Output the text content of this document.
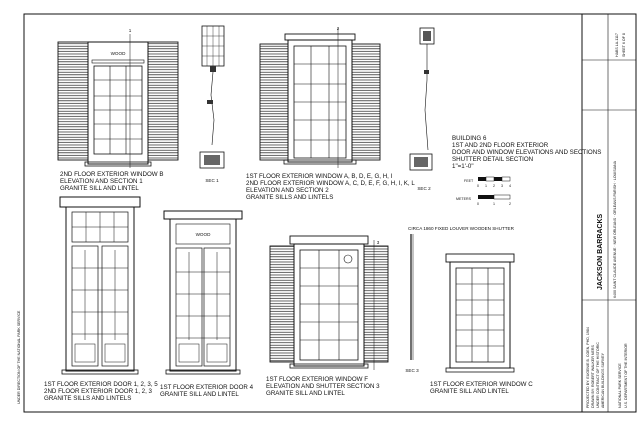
UNDER DIRECTION OF THE NATIONAL PARK SERVICE
WOOD
1
2ND FLOOR EXTERIOR WINDOW B
ELEVATION AND SECTION 1
GRANITE SILL AND LINTEL
SEC 1
2
1ST FLOOR EXTERIOR WINDOW A, B, D, E, G, H, I
2ND FLOOR EXTERIOR WINDOW A, C, D, E, F, G, H, I, K, L
ELEVATION AND SECTION 2
GRANITE SILLS AND LINTELS
SEC 2
BUILDING 6
1ST AND 2ND FLOOR EXTERIOR
DOOR AND WINDOW ELEVATIONS AND SECTIONS
SHUTTER DETAIL SECTION
1"=1'-0"
FEET
0 1 2 3 4
METERS
0	1	2
1ST FLOOR EXTERIOR DOOR 1, 2, 3, 5
2ND FLOOR EXTERIOR DOOR 1, 2, 3
GRANITE SILLS AND LINTELS
WOOD
1ST FLOOR EXTERIOR DOOR 4
GRANITE SILL AND LINTEL
3
1ST FLOOR EXTERIOR WINDOW F
ELEVATION AND SHUTTER SECTION 3
GRANITE SILL AND LINTEL
CIRCA 1860 FIXED LOUVER WOODEN SHUTTER
SEC 3
1ST FLOOR EXTERIOR WINDOW C
GRANITE SILL AND LINTEL
SHEET 6 OF 8
HABS LA-1117
JACKSON BARRACKS	6400 SAINT CLAUDE AVENUE · NEW ORLEANS · ORLEANS PARISH · LOUISIANA
PROJECTED BY: EUGENIE B. COEN, PHD, 1984 DRAWN BY: ROBERT WALKER NERS UNDER CONTRACT OF THE HISTORIC AMERICAN BUILDINGS SURVEY	NATIONAL PARK SERVICE U.S. DEPARTMENT OF THE INTERIOR
